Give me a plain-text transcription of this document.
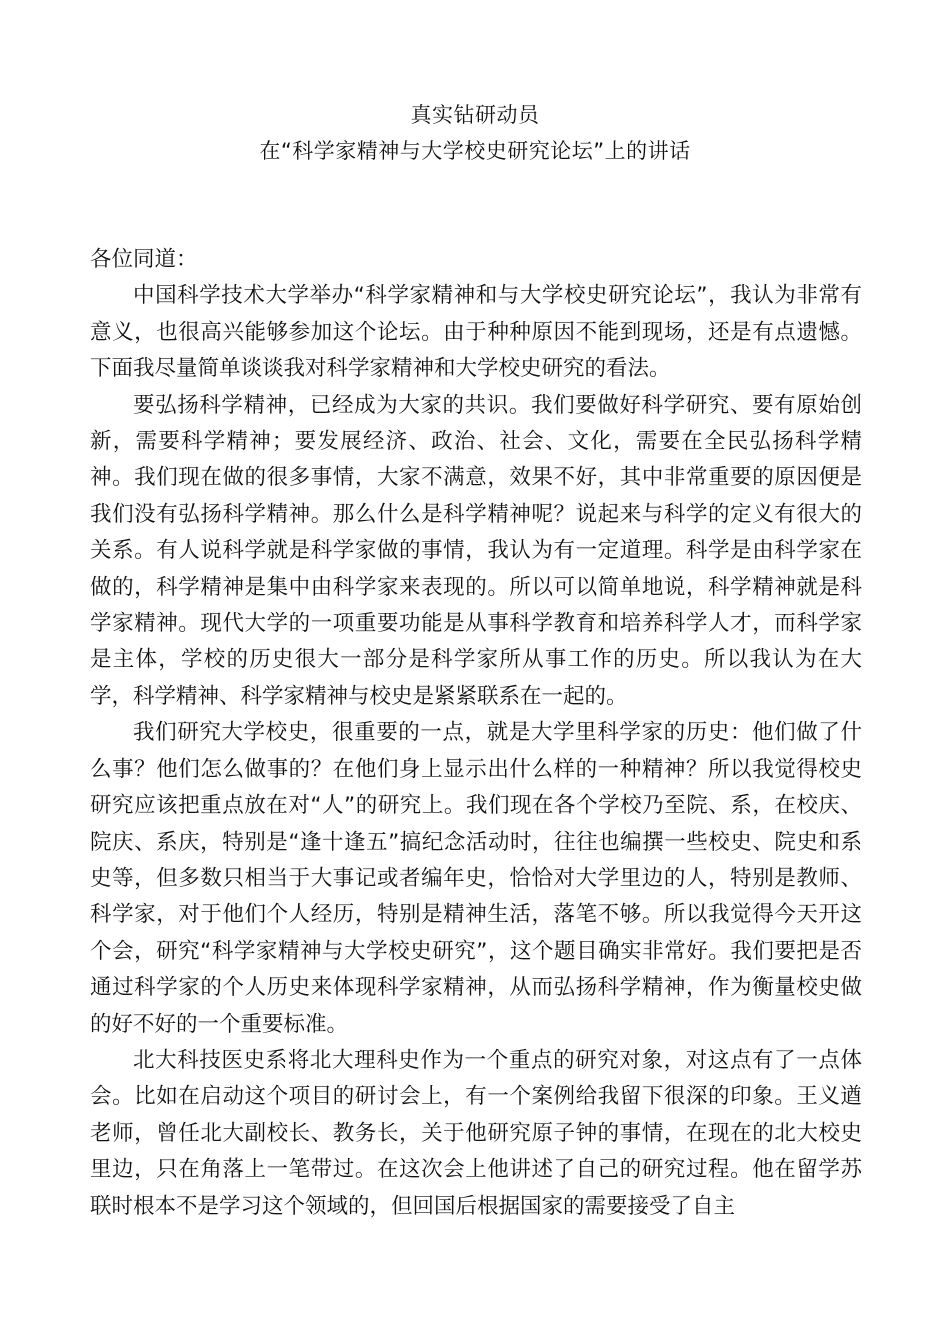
真实钻研动员
在“科学家精神与大学校史研究论坛”上的讲话

各位同道：

中国科学技术大学举办“科学家精神和与大学校史研究论坛”，我认为非常有意义，也很高兴能够参加这个论坛。由于种种原因不能到现场，还是有点遗憾。下面我尽量简单谈谈我对科学家精神和大学校史研究的看法。

要弘扬科学精神，已经成为大家的共识。我们要做好科学研究、要有原始创新，需要科学精神；要发展经济、政治、社会、文化，需要在全民弘扬科学精神。我们现在做的很多事情，大家不满意，效果不好，其中非常重要的原因便是我们没有弘扬科学精神。那么什么是科学精神呢？说起来与科学的定义有很大的关系。有人说科学就是科学家做的事情，我认为有一定道理。科学是由科学家在做的，科学精神是集中由科学家来表现的。所以可以简单地说，科学精神就是科学家精神。现代大学的一项重要功能是从事科学教育和培养科学人才，而科学家是主体，学校的历史很大一部分是科学家所从事工作的历史。所以我认为在大学，科学精神、科学家精神与校史是紧紧联系在一起的。

我们研究大学校史，很重要的一点，就是大学里科学家的历史：他们做了什么事？他们怎么做事的？在他们身上显示出什么样的一种精神？所以我觉得校史研究应该把重点放在对“人”的研究上。我们现在各个学校乃至院、系，在校庆、院庆、系庆，特别是“逢十逢五”搞纪念活动时，往往也编撰一些校史、院史和系史等，但多数只相当于大事记或者编年史，恰恰对大学里边的人，特别是教师、科学家，对于他们个人经历，特别是精神生活，落笔不够。所以我觉得今天开这个会，研究“科学家精神与大学校史研究”，这个题目确实非常好。我们要把是否通过科学家的个人历史来体现科学家精神，从而弘扬科学精神，作为衡量校史做的好不好的一个重要标准。

北大科技医史系将北大理科史作为一个重点的研究对象，对这点有了一点体会。比如在启动这个项目的研讨会上，有一个案例给我留下很深的印象。王义遒老师，曾任北大副校长、教务长，关于他研究原子钟的事情，在现在的北大校史里边，只在角落上一笔带过。在这次会上他讲述了自己的研究过程。他在留学苏联时根本不是学习这个领域的，但回国后根据国家的需要接受了自主
